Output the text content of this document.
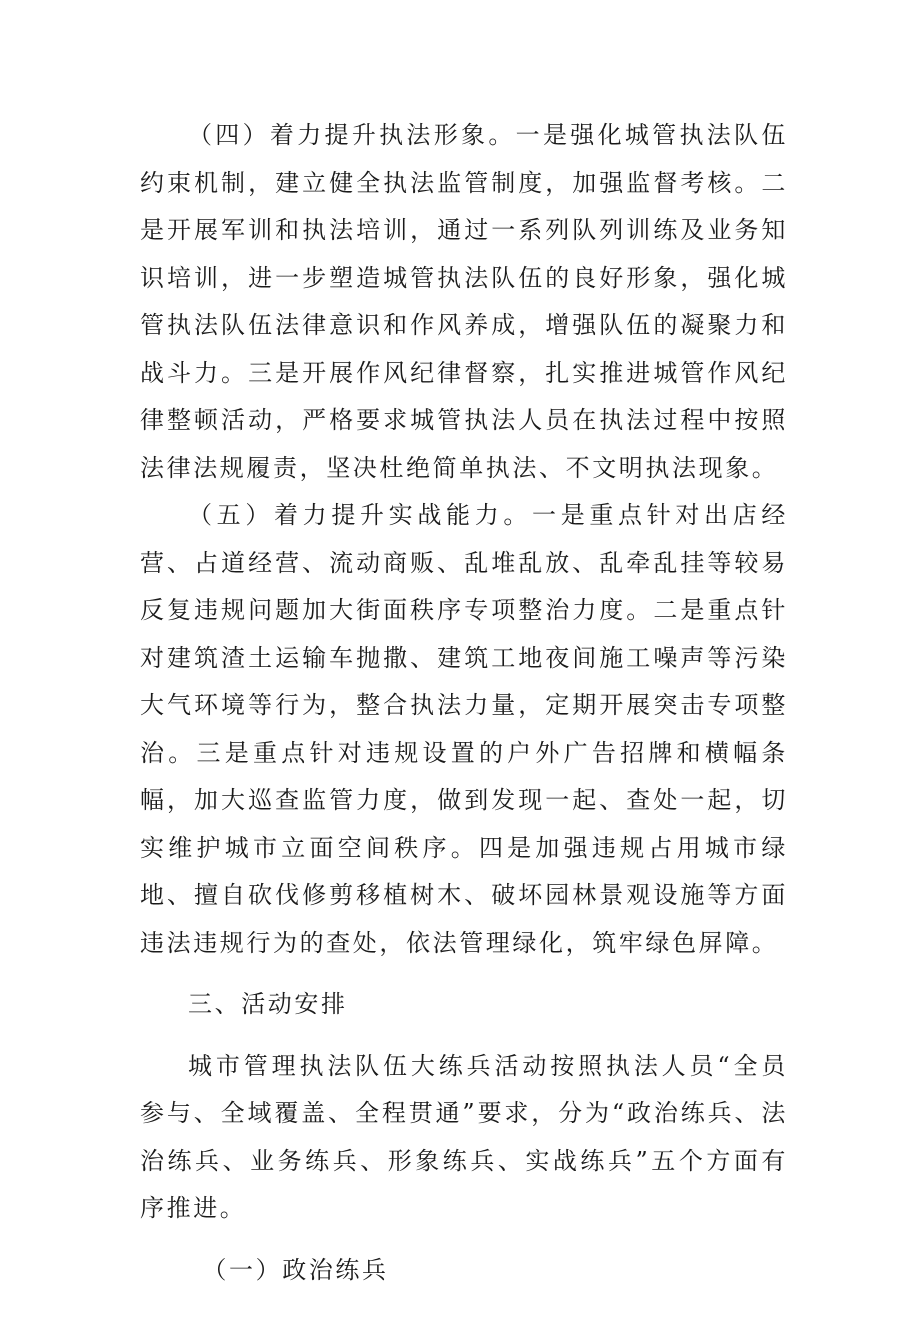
（四）着力提升执法形象。一是强化城管执法队伍约束机制，建立健全执法监管制度，加强监督考核。二是开展军训和执法培训，通过一系列队列训练及业务知识培训，进一步塑造城管执法队伍的良好形象，强化城管执法队伍法律意识和作风养成，增强队伍的凝聚力和战斗力。三是开展作风纪律督察，扎实推进城管作风纪律整顿活动，严格要求城管执法人员在执法过程中按照法律法规履责，坚决杜绝简单执法、不文明执法现象。

（五）着力提升实战能力。一是重点针对出店经营、占道经营、流动商贩、乱堆乱放、乱牵乱挂等较易反复违规问题加大街面秩序专项整治力度。二是重点针对建筑渣土运输车抛撒、建筑工地夜间施工噪声等污染大气环境等行为，整合执法力量，定期开展突击专项整治。三是重点针对违规设置的户外广告招牌和横幅条幅，加大巡查监管力度，做到发现一起、查处一起，切实维护城市立面空间秩序。四是加强违规占用城市绿地、擅自砍伐修剪移植树木、破坏园林景观设施等方面违法违规行为的查处，依法管理绿化，筑牢绿色屏障。

三、活动安排

城市管理执法队伍大练兵活动按照执法人员“全员参与、全域覆盖、全程贯通”要求，分为“政治练兵、法治练兵、业务练兵、形象练兵、实战练兵”五个方面有序推进。

（一）政治练兵
